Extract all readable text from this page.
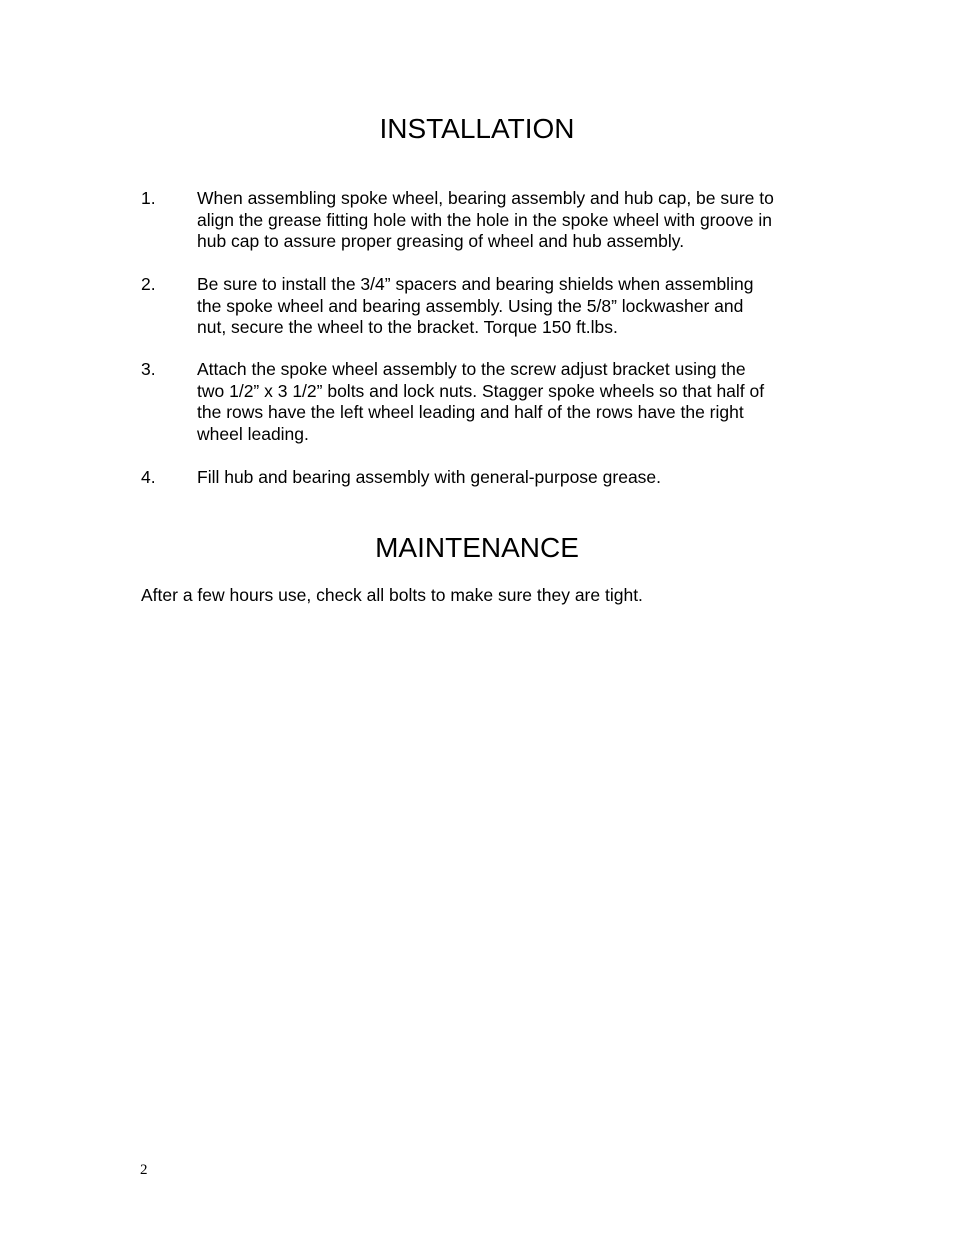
INSTALLATION
1.	When assembling spoke wheel, bearing assembly and hub cap, be sure to
align the grease fitting hole with the hole in the spoke wheel with groove in
hub cap to assure proper greasing of wheel and hub assembly.
2.	Be sure to install the 3/4” spacers and bearing shields when assembling
the spoke wheel and bearing assembly. Using the 5/8” lockwasher and
nut, secure the wheel to the bracket. Torque 150 ft.lbs.
3.	Attach the spoke wheel assembly to the screw adjust bracket using the
two 1/2” x 3 1/2” bolts and lock nuts. Stagger spoke wheels so that half of
the rows have the left wheel leading and half of the rows have the right
wheel leading.
4.	Fill hub and bearing assembly with general-purpose grease.
MAINTENANCE

After a few hours use, check all bolts to make sure they are tight.

2
